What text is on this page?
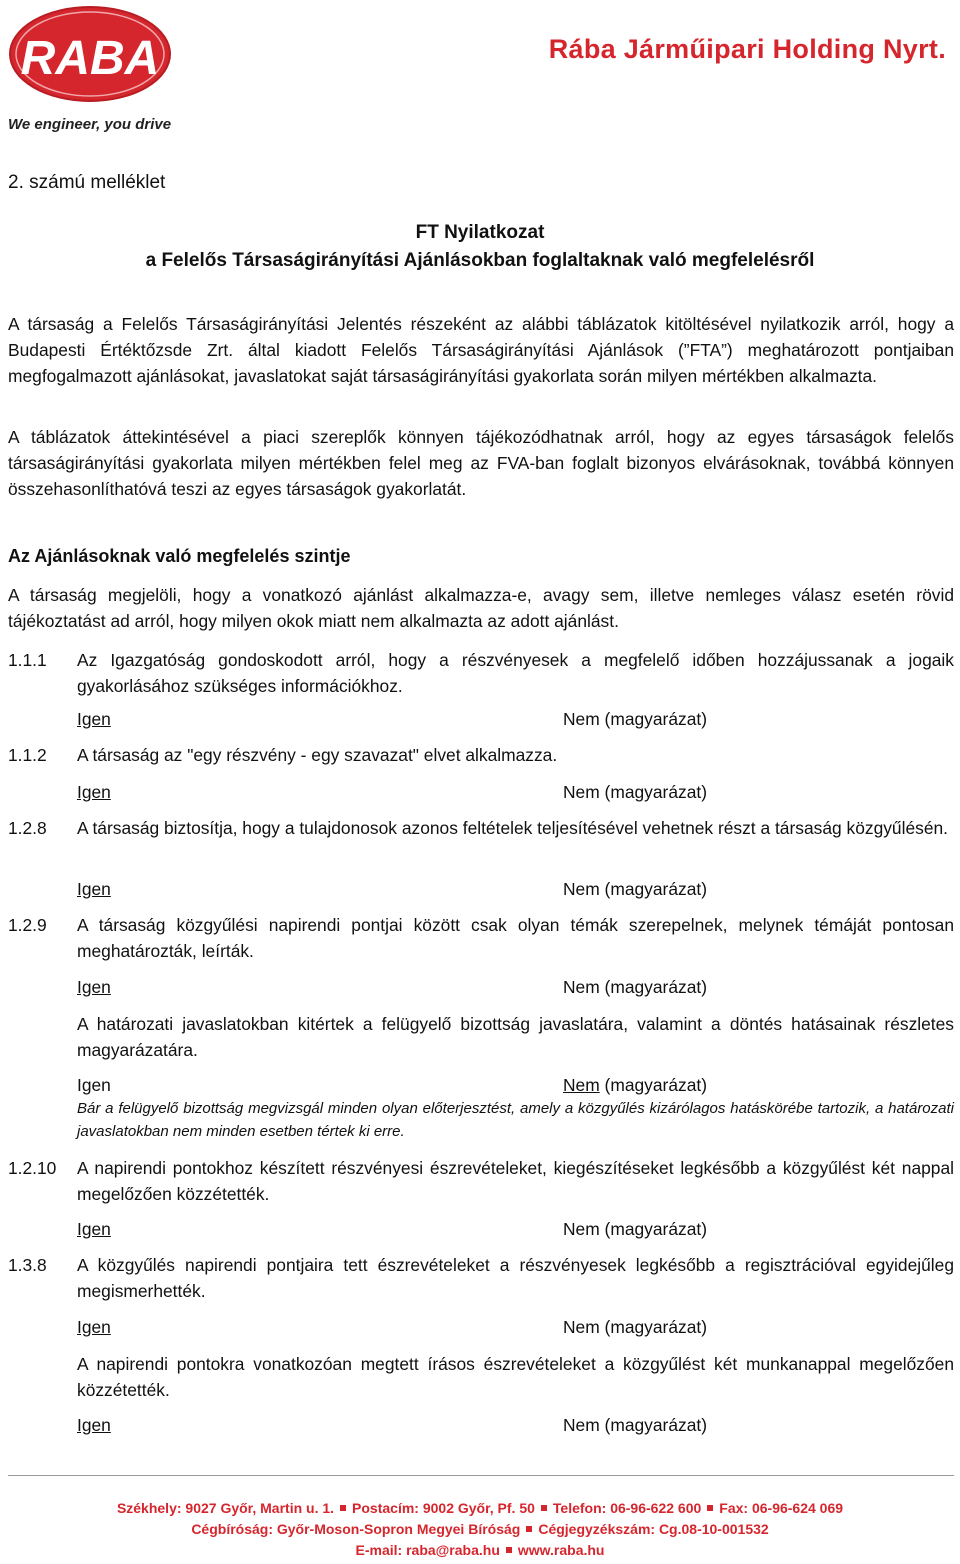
RABA	Rába Járműipari Holding Nyrt.
We engineer, you drive
2. számú melléklet
FT Nyilatkozat
a Felelős Társaságirányítási Ajánlásokban foglaltaknak való megfelelésről

A társaság a Felelős Társaságirányítási Jelentés részeként az alábbi táblázatok kitöltésével nyilatkozik arról, hogy a Budapesti Értéktőzsde Zrt. által kiadott Felelős Társaságirányítási Ajánlások (”FTA”) meghatározott pontjaiban megfogalmazott ajánlásokat, javaslatokat saját társaságirányítási gyakorlata során milyen mértékben alkalmazta.

A táblázatok áttekintésével a piaci szereplők könnyen tájékozódhatnak arról, hogy az egyes társaságok felelős társaságirányítási gyakorlata milyen mértékben felel meg az FVA-ban foglalt bizonyos elvárásoknak, továbbá könnyen összehasonlíthatóvá teszi az egyes társaságok gyakorlatát.

Az Ajánlásoknak való megfelelés szintje

A társaság megjelöli, hogy a vonatkozó ajánlást alkalmazza-e, avagy sem, illetve nemleges válasz esetén rövid tájékoztatást ad arról, hogy milyen okok miatt nem alkalmazta az adott ajánlást.

1.1.1 Az Igazgatóság gondoskodott arról, hogy a részvényesek a megfelelő időben hozzájussanak a jogaik gyakorlásához szükséges információkhoz.

Igen	Nem (magyarázat)
1.1.2 A társaság az "egy részvény - egy szavazat" elvet alkalmazza.

Igen	Nem (magyarázat)
1.2.8 A társaság biztosítja, hogy a tulajdonosok azonos feltételek teljesítésével vehetnek részt a társaság közgyűlésén.

Igen	Nem (magyarázat)
1.2.9 A társaság közgyűlési napirendi pontjai között csak olyan témák szerepelnek, melynek témáját pontosan meghatározták, leírták.

Igen	Nem (magyarázat)

A határozati javaslatokban kitértek a felügyelő bizottság javaslatára, valamint a döntés hatásainak részletes magyarázatára.

Igen	Nem (magyarázat)

Bár a felügyelő bizottság megvizsgál minden olyan előterjesztést, amely a közgyűlés kizárólagos hatáskörébe tartozik, a határozati javaslatokban nem minden esetben tértek ki erre.

1.2.10 A napirendi pontokhoz készített részvényesi észrevételeket, kiegészítéseket legkésőbb a közgyűlést két nappal megelőzően közzétették.

Igen	Nem (magyarázat)
1.3.8 A közgyűlés napirendi pontjaira tett észrevételeket a részvényesek legkésőbb a regisztrációval egyidejűleg megismerhették.

Igen	Nem (magyarázat)

A napirendi pontokra vonatkozóan megtett írásos észrevételeket a közgyűlést két munkanappal megelőzően közzétették.

Igen	Nem (magyarázat)
Székhely: 9027 Győr, Martin u. 1. Postacím: 9002 Győr, Pf. 50 Telefon: 06-96-622 600 Fax: 06-96-624 069
Cégbíróság: Győr-Moson-Sopron Megyei Bíróság Cégjegyzékszám: Cg.08-10-001532
E-mail: raba@raba.hu www.raba.hu
